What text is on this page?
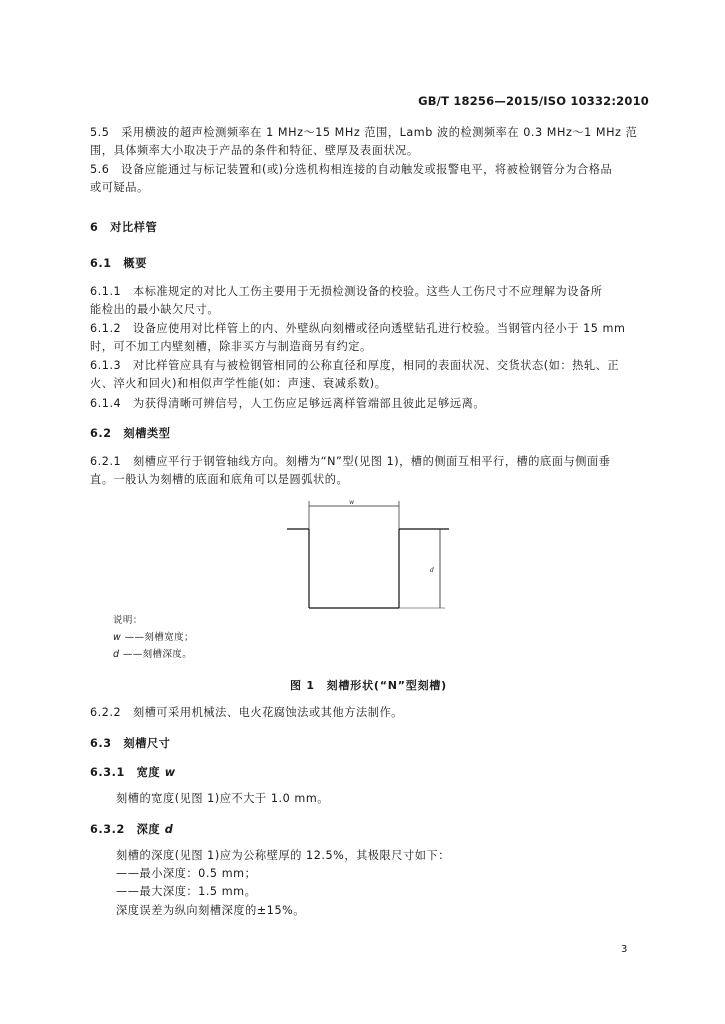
GB/T 18256—2015/ISO 10332:2010
5.5　采用横波的超声检测频率在 1 MHz～15 MHz 范围，Lamb 波的检测频率在 0.3 MHz～1 MHz 范
围，具体频率大小取决于产品的条件和特征、壁厚及表面状况。
5.6　设备应能通过与标记装置和(或)分选机构相连接的自动触发或报警电平，将被检钢管分为合格品
或可疑品。
6　对比样管
6.1　概要
6.1.1　本标准规定的对比人工伤主要用于无损检测设备的校验。这些人工伤尺寸不应理解为设备所
能检出的最小缺欠尺寸。
6.1.2　设备应使用对比样管上的内、外壁纵向刻槽或径向透壁钻孔进行校验。当钢管内径小于 15 mm
时，可不加工内壁刻槽，除非买方与制造商另有约定。
6.1.3　对比样管应具有与被检钢管相同的公称直径和厚度，相同的表面状况、交货状态(如：热轧、正
火、淬火和回火)和相似声学性能(如：声速、衰减系数)。
6.1.4　为获得清晰可辨信号，人工伤应足够远离样管端部且彼此足够远离。
6.2　刻槽类型
6.2.1　刻槽应平行于钢管轴线方向。刻槽为“N”型(见图 1)，槽的侧面互相平行，槽的底面与侧面垂
直。一般认为刻槽的底面和底角可以是圆弧状的。
w
d
说明：
w ——刻槽宽度；
d ——刻槽深度。
图 1　刻槽形状(“N”型刻槽)
6.2.2　刻槽可采用机械法、电火花腐蚀法或其他方法制作。
6.3　刻槽尺寸
6.3.1　宽度 w
刻槽的宽度(见图 1)应不大于 1.0 mm。
6.3.2　深度 d
刻槽的深度(见图 1)应为公称壁厚的 12.5%，其极限尺寸如下：
——最小深度：0.5 mm；
——最大深度：1.5 mm。
深度误差为纵向刻槽深度的±15%。
3
